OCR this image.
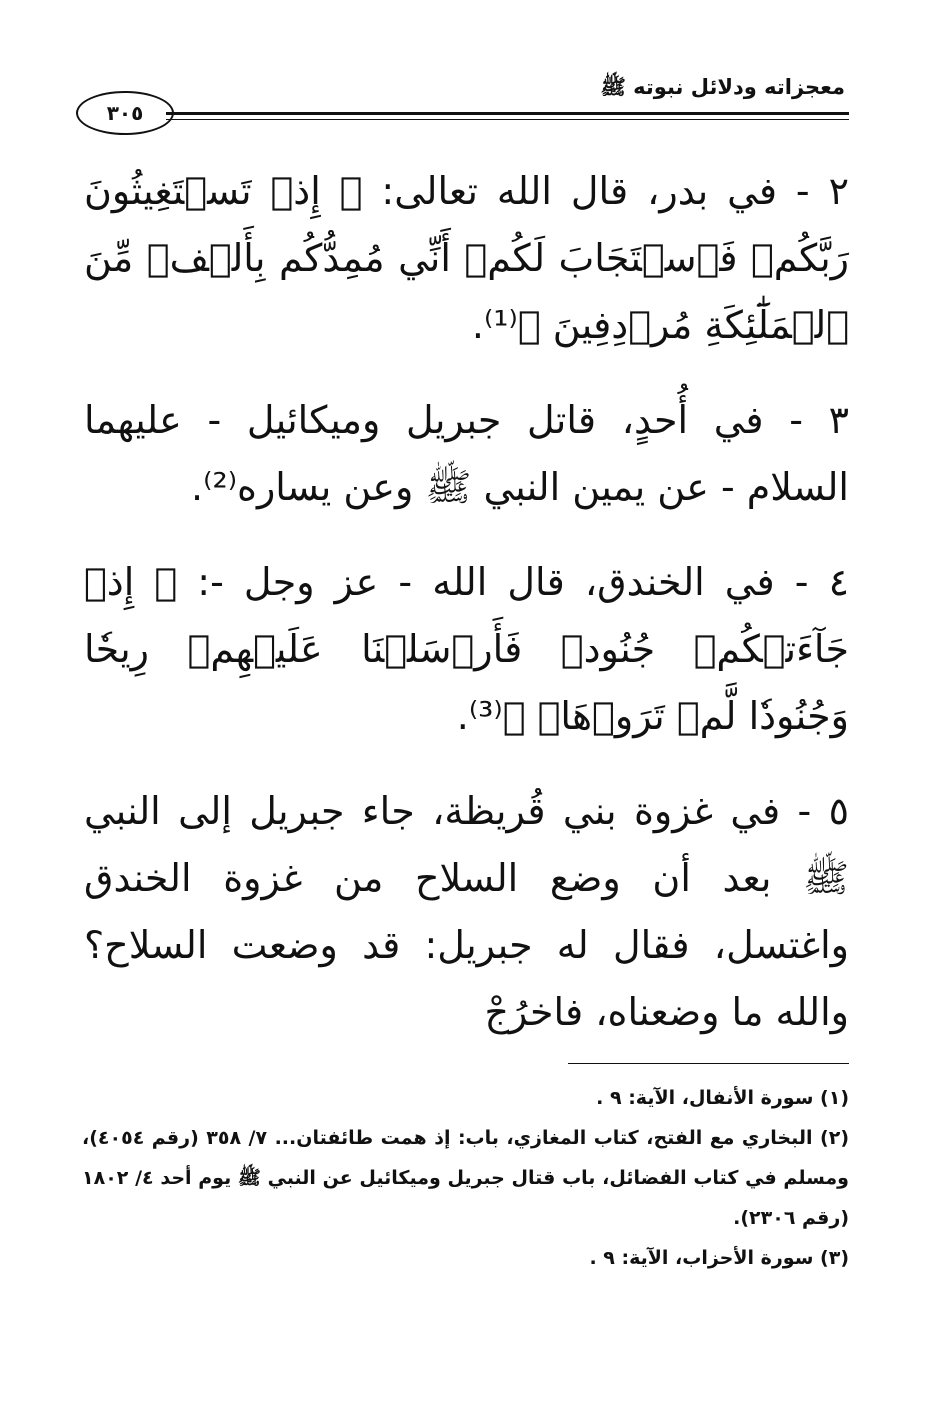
معجزاته ودلائل نبوته ﷺ
٣٠٥

٢ - في بدر، قال الله تعالى: ﴿ إِذۡ تَسۡتَغِيثُونَ رَبَّكُمۡ فَٱسۡتَجَابَ لَكُمۡ أَنِّي مُمِدُّكُم بِأَلۡفٖ مِّنَ ٱلۡمَلَٰٓئِكَةِ مُرۡدِفِينَ ﴾⁽¹⁾.

٣ - في أُحدٍ، قاتل جبريل وميكائيل - عليهما السلام - عن يمين النبي ﷺ وعن يساره⁽²⁾.

٤ - في الخندق، قال الله - عز وجل -: ﴿ إِذۡ جَآءَتۡكُمۡ جُنُودٞ فَأَرۡسَلۡنَا عَلَيۡهِمۡ رِيحٗا وَجُنُودٗا لَّمۡ تَرَوۡهَاۚ ﴾⁽³⁾.

٥ - في غزوة بني قُريظة، جاء جبريل إلى النبي ﷺ بعد أن وضع السلاح من غزوة الخندق واغتسل، فقال له جبريل: قد وضعت السلاح؟ والله ما وضعناه، فاخرُجْ

(١) سورة الأنفال، الآية: ٩ .

(٢) البخاري مع الفتح، كتاب المغازي، باب: إذ همت طائفتان... ٧/ ٣٥٨ (رقم ٤٠٥٤)، ومسلم في كتاب الفضائل، باب قتال جبريل وميكائيل عن النبي ﷺ يوم أحد ٤/ ١٨٠٢ (رقم ٢٣٠٦).

(٣) سورة الأحزاب، الآية: ٩ .
